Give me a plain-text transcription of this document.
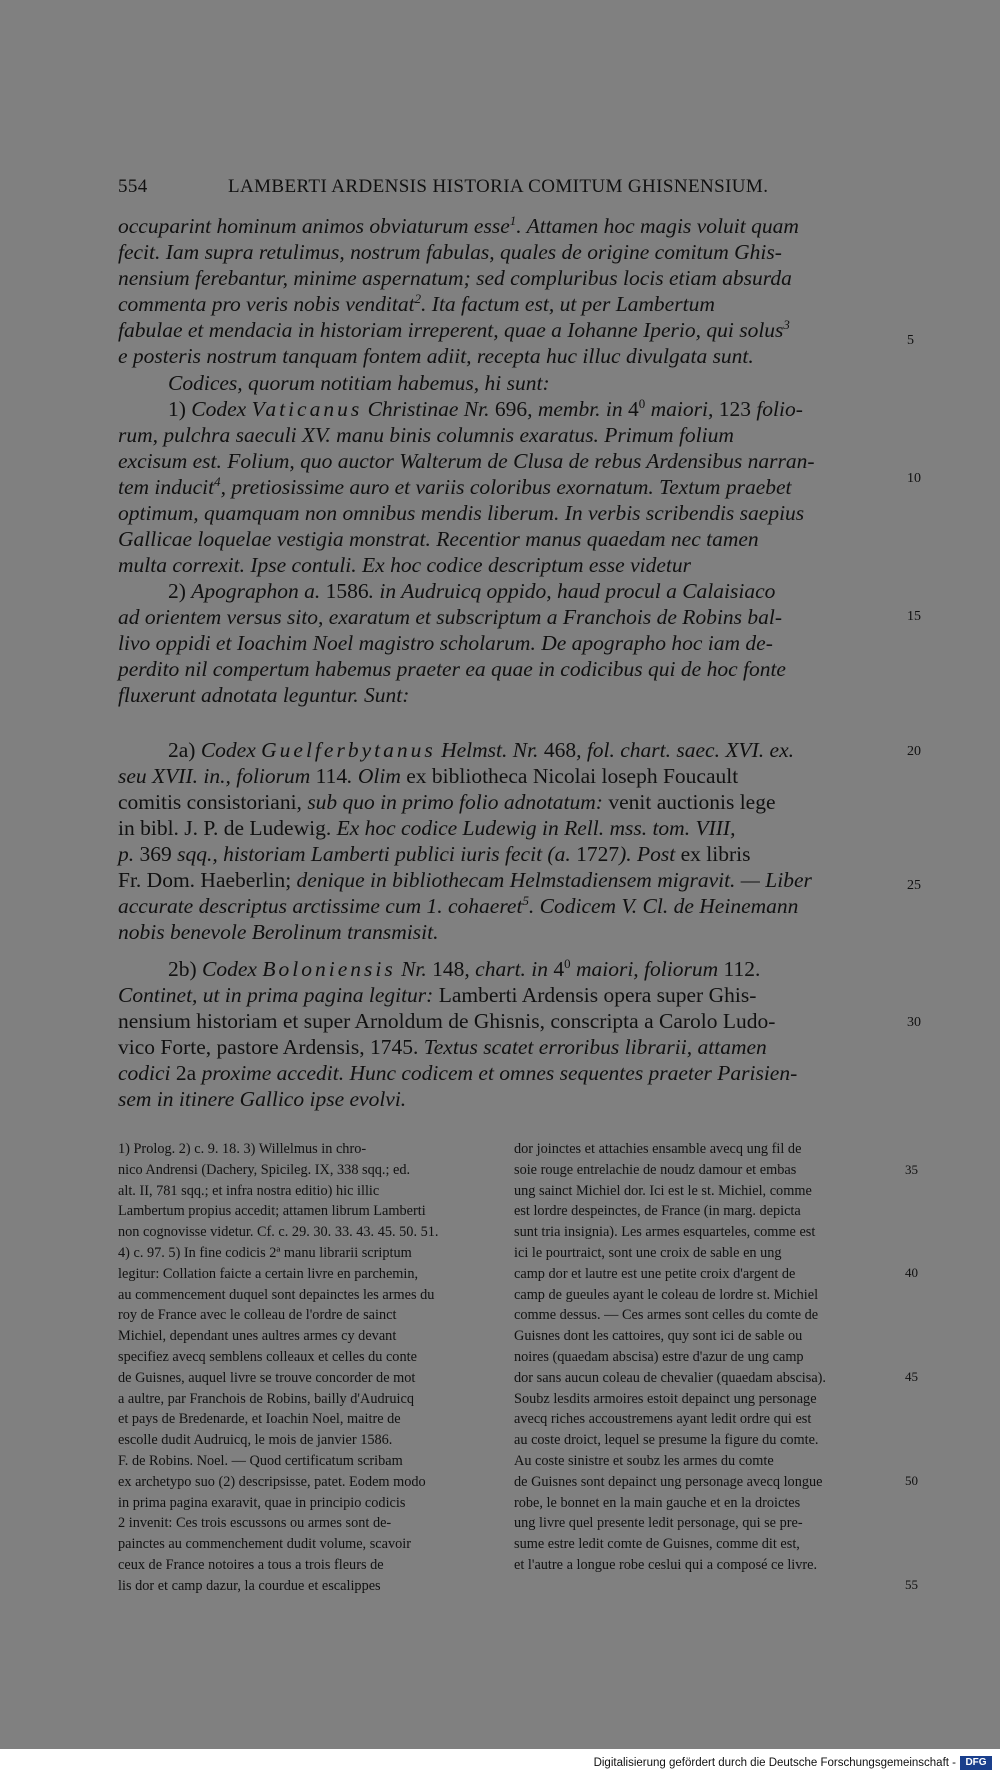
554	LAMBERTI ARDENSIS HISTORIA COMITUM GHISNENSIUM.
occuparint hominum animos obviaturum esse$^1$. Attamen hoc magis voluit quam
fecit. Iam supra retulimus, nostrum fabulas, quales de origine comitum Ghis-
nensium ferebantur, minime aspernatum; sed compluribus locis etiam absurda
commenta pro veris nobis venditat$^2$. Ita factum est, ut per Lambertum
fabulae et mendacia in historiam irreperent, quae a Iohanne Iperio, qui solus$^3$
e posteris nostrum tanquam fontem adiit, recepta huc illuc divulgata sunt.
Codices, quorum notitiam habemus, hi sunt:
1) Codex Vaticanus Christinae Nr. 696, membr. in $4^0$ maiori, 123 folio-
rum, pulchra saeculi XV. manu binis columnis exaratus. Primum folium
excisum est. Folium, quo auctor Walterum de Clusa de rebus Ardensibus narran-
tem inducit$^4$, pretiosissime auro et variis coloribus exornatum. Textum praebet
optimum, quamquam non omnibus mendis liberum. In verbis scribendis saepius
Gallicae loquelae vestigia monstrat. Recentior manus quaedam nec tamen
multa correxit. Ipse contuli. Ex hoc codice descriptum esse videtur
2) Apographon a. 1586. in Audruicq oppido, haud procul a Calaisiaco
ad orientem versus sito, exaratum et subscriptum a Franchois de Robins bal-
livo oppidi et Ioachim Noel magistro scholarum. De apographo hoc iam de-
perdito nil compertum habemus praeter ea quae in codicibus qui de hoc fonte
fluxerunt adnotata leguntur. Sunt:
2a) Codex Guelferbytanus Helmst. Nr. 468, fol. chart. saec. XVI. ex.
seu XVII. in., foliorum 114. Olim ex bibliotheca Nicolai loseph Foucault
comitis consistoriani, sub quo in primo folio adnotatum: venit auctionis lege
in bibl. J. P. de Ludewig. Ex hoc codice Ludewig in Rell. mss. tom. VIII,
p. 369 sqq., historiam Lamberti publici iuris fecit (a. 1727). Post ex libris
Fr. Dom. Haeberlin; denique in bibliothecam Helmstadiensem migravit. — Liber
accurate descriptus arctissime cum 1. cohaeret$^5$. Codicem V. Cl. de Heinemann
nobis benevole Berolinum transmisit.
2b) Codex Boloniensis Nr. 148, chart. in $4^0$ maiori, foliorum 112.
Continet, ut in prima pagina legitur: Lamberti Ardensis opera super Ghis-
nensium historiam et super Arnoldum de Ghisnis, conscripta a Carolo Ludo-
vico Forte, pastore Ardensis, 1745. Textus scatet erroribus librarii, attamen
codici 2a proxime accedit. Hunc codicem et omnes sequentes praeter Parisien-
sem in itinere Gallico ipse evolvi.
5
10
15
20
25
30
1) Prolog. 2) c. 9. 18. 3) Willelmus in chro-
nico Andrensi (Dachery, Spicileg. IX, 338 sqq.; ed.
alt. II, 781 sqq.; et infra nostra editio) hic illic
Lambertum propius accedit; attamen librum Lamberti
non cognovisse videtur. Cf. c. 29. 30. 33. 43. 45. 50. 51.
4) c. 97. 5) In fine codicis 2ª manu librarii scriptum
legitur: Collation faicte a certain livre en parchemin,
au commencement duquel sont depainctes les armes du
roy de France avec le colleau de l'ordre de sainct
Michiel, dependant unes aultres armes cy devant
specifiez avecq semblens colleaux et celles du conte
de Guisnes, auquel livre se trouve concorder de mot
a aultre, par Franchois de Robins, bailly d'Audruicq
et pays de Bredenarde, et Ioachin Noel, maitre de
escolle dudit Audruicq, le mois de janvier 1586.
F. de Robins. Noel. — Quod certificatum scribam
ex archetypo suo (2) descripsisse, patet. Eodem modo
in prima pagina exaravit, quae in principio codicis
2 invenit: Ces trois escussons ou armes sont de-
painctes au commenchement dudit volume, scavoir
ceux de France notoires a tous a trois fleurs de
lis dor et camp dazur, la courdue et escalippes
dor joinctes et attachies ensamble avecq ung fil de
soie rouge entrelachie de noudz damour et embas
ung sainct Michiel dor. Ici est le st. Michiel, comme
est lordre despeinctes, de France (in marg. depicta
sunt tria insignia). Les armes esquarteles, comme est
ici le pourtraict, sont une croix de sable en ung
camp dor et lautre est une petite croix d'argent de
camp de gueules ayant le coleau de lordre st. Michiel
comme dessus. — Ces armes sont celles du comte de
Guisnes dont les cattoires, quy sont ici de sable ou
noires (quaedam abscisa) estre d'azur de ung camp
dor sans aucun coleau de chevalier (quaedam abscisa).
Soubz lesdits armoires estoit depainct ung personage
avecq riches accoustremens ayant ledit ordre qui est
au coste droict, lequel se presume la figure du comte.
Au coste sinistre et soubz les armes du comte
de Guisnes sont depainct ung personage avecq longue
robe, le bonnet en la main gauche et en la droictes
ung livre quel presente ledit personage, qui se pre-
sume estre ledit comte de Guisnes, comme dit est,
et l'autre a longue robe ceslui qui a composé ce livre.
35
40
45
50
55
Digitalisierung gefördert durch die Deutsche Forschungsgemeinschaft - DFG
